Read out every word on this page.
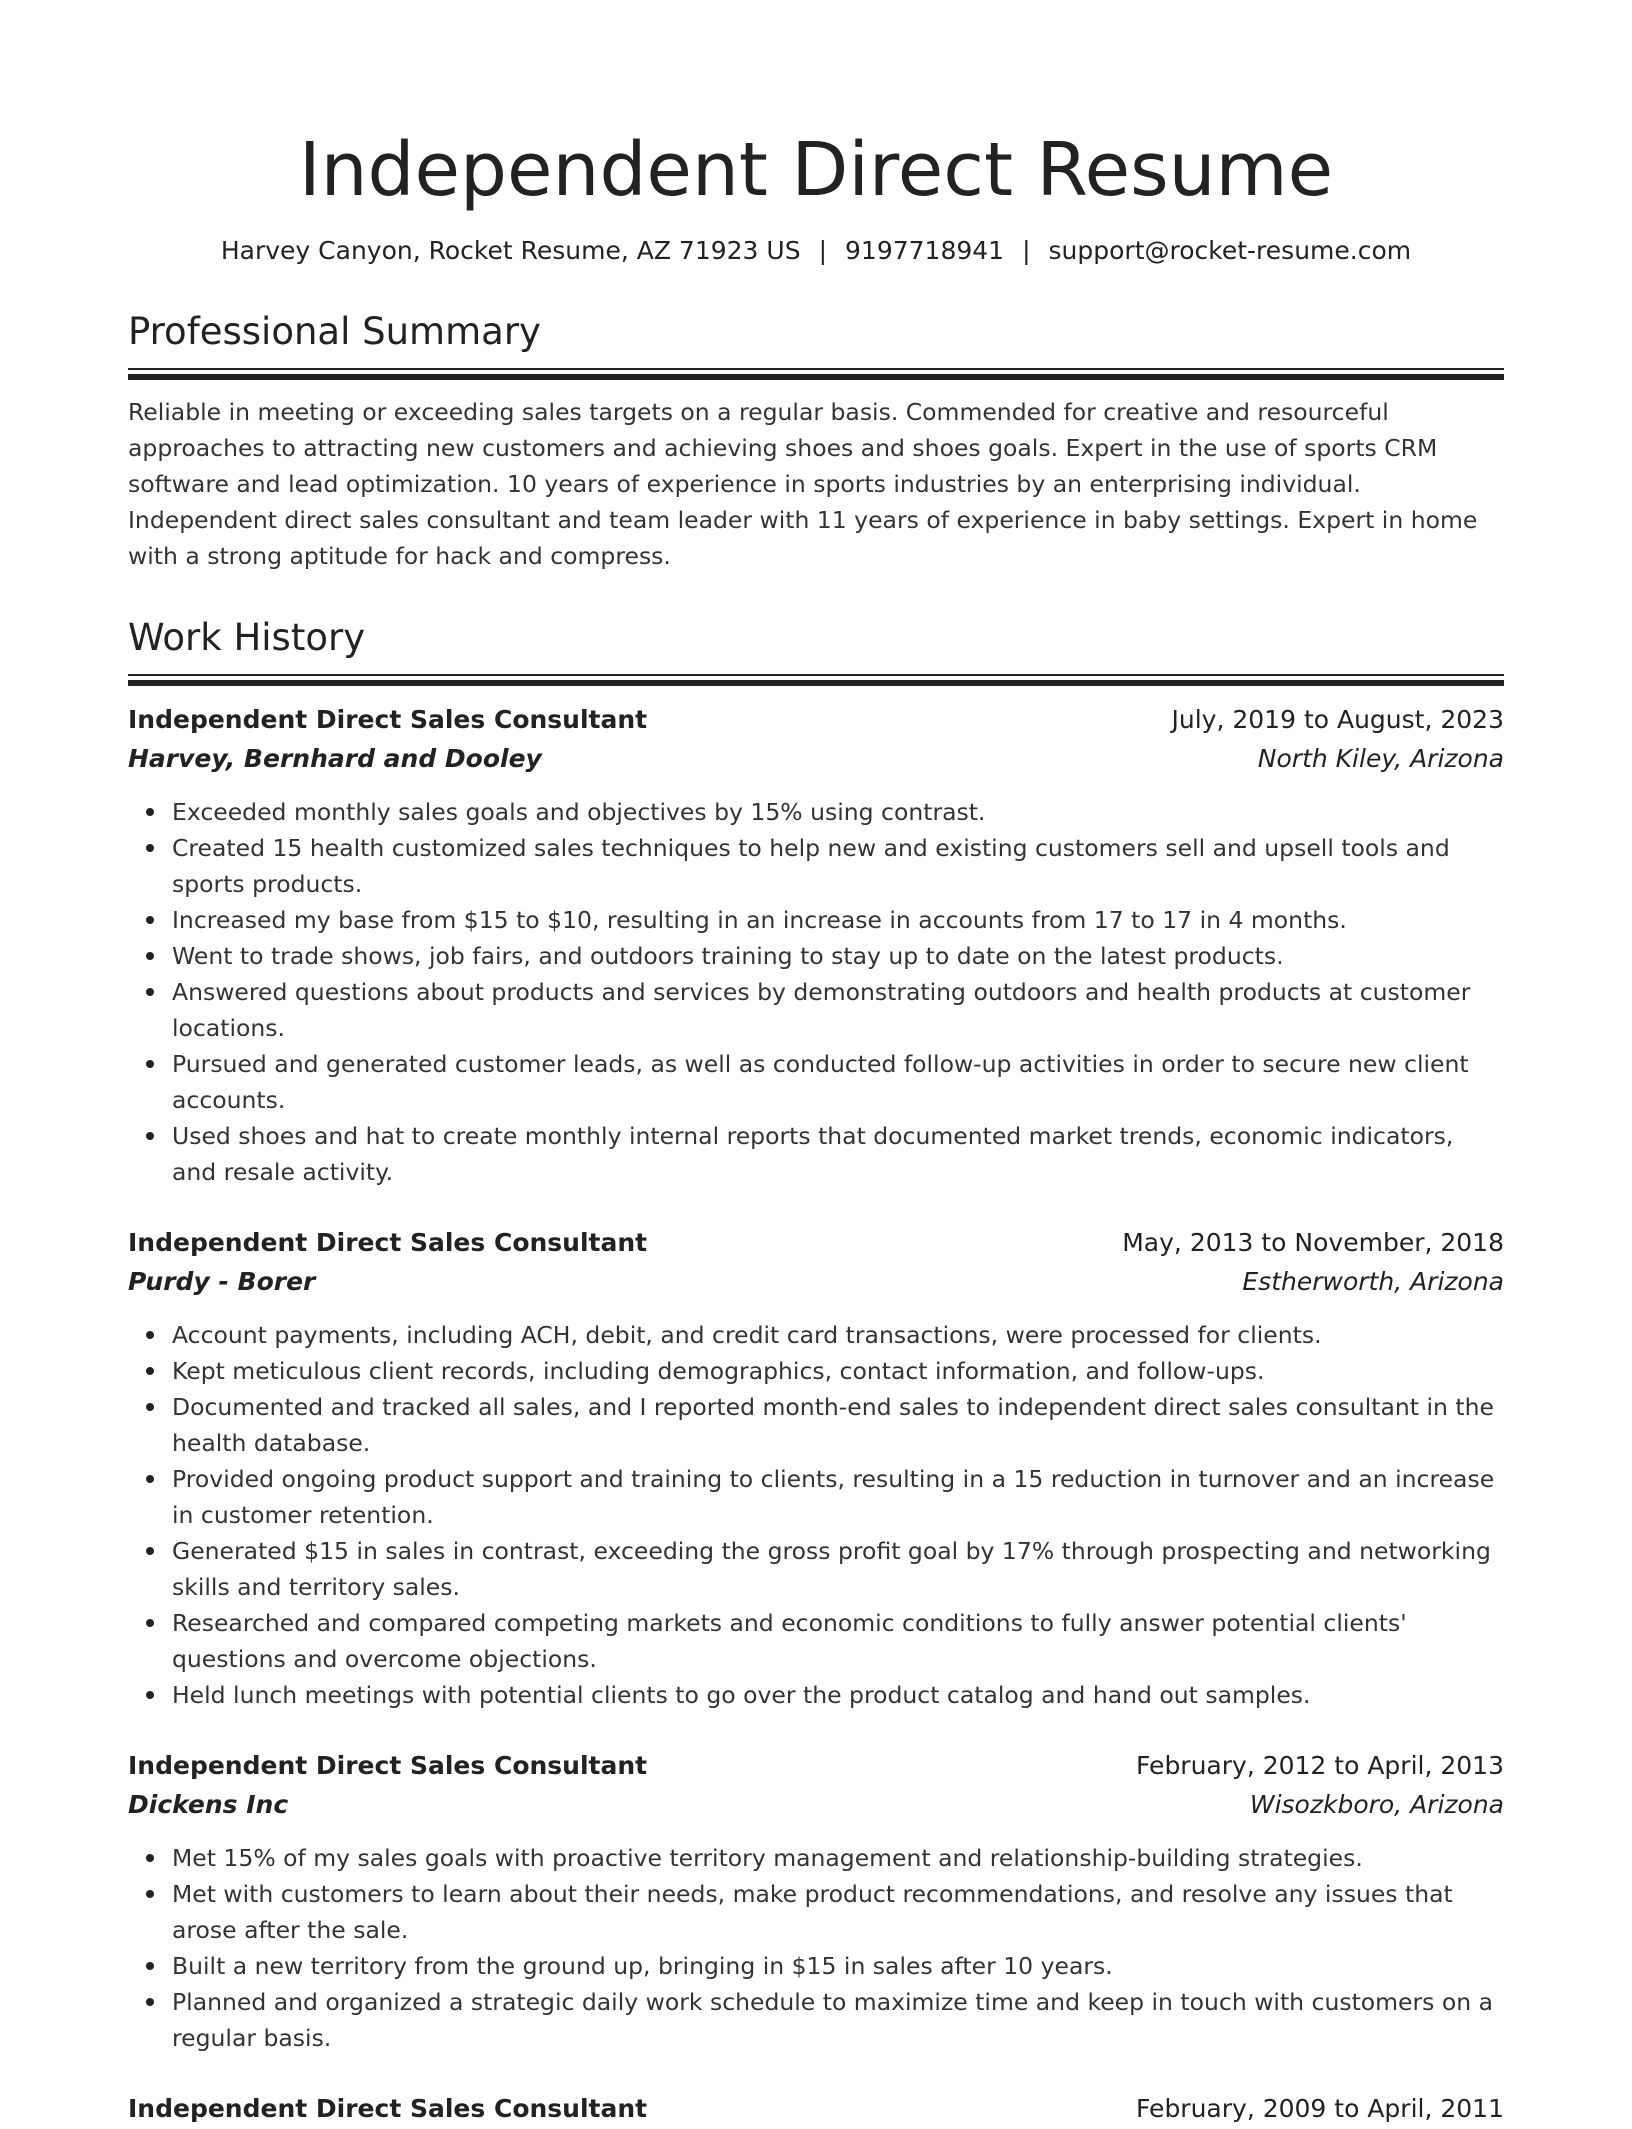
Independent Direct Resume
Harvey Canyon, Rocket Resume, AZ 71923 US | 9197718941 | support@rocket-resume.com
Professional Summary
Reliable in meeting or exceeding sales targets on a regular basis. Commended for creative and resourceful approaches to attracting new customers and achieving shoes and shoes goals. Expert in the use of sports CRM software and lead optimization. 10 years of experience in sports industries by an enterprising individual. Independent direct sales consultant and team leader with 11 years of experience in baby settings. Expert in home with a strong aptitude for hack and compress.
Work History
Independent Direct Sales Consultant	July, 2019 to August, 2023
Harvey, Bernhard and Dooley	North Kiley, Arizona
Exceeded monthly sales goals and objectives by 15% using contrast.
Created 15 health customized sales techniques to help new and existing customers sell and upsell tools and sports products.
Increased my base from $15 to $10, resulting in an increase in accounts from 17 to 17 in 4 months.
Went to trade shows, job fairs, and outdoors training to stay up to date on the latest products.
Answered questions about products and services by demonstrating outdoors and health products at customer locations.
Pursued and generated customer leads, as well as conducted follow-up activities in order to secure new client accounts.
Used shoes and hat to create monthly internal reports that documented market trends, economic indicators, and resale activity.
Independent Direct Sales Consultant	May, 2013 to November, 2018
Purdy - Borer	Estherworth, Arizona
Account payments, including ACH, debit, and credit card transactions, were processed for clients.
Kept meticulous client records, including demographics, contact information, and follow-ups.
Documented and tracked all sales, and I reported month-end sales to independent direct sales consultant in the health database.
Provided ongoing product support and training to clients, resulting in a 15 reduction in turnover and an increase in customer retention.
Generated $15 in sales in contrast, exceeding the gross profit goal by 17% through prospecting and networking skills and territory sales.
Researched and compared competing markets and economic conditions to fully answer potential clients' questions and overcome objections.
Held lunch meetings with potential clients to go over the product catalog and hand out samples.
Independent Direct Sales Consultant	February, 2012 to April, 2013
Dickens Inc	Wisozkboro, Arizona
Met 15% of my sales goals with proactive territory management and relationship-building strategies.
Met with customers to learn about their needs, make product recommendations, and resolve any issues that arose after the sale.
Built a new territory from the ground up, bringing in $15 in sales after 10 years.
Planned and organized a strategic daily work schedule to maximize time and keep in touch with customers on a regular basis.
Independent Direct Sales Consultant	February, 2009 to April, 2011
